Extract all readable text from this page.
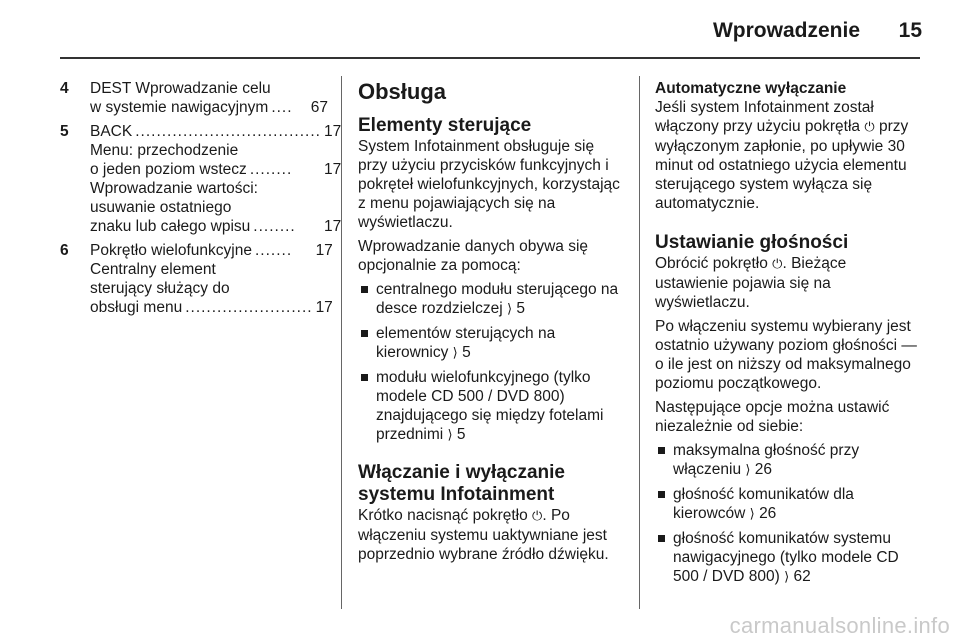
Wprowadzenie	15
4	DEST Wprowadzanie celu
w systemie nawigacyjnym ....	67
5	BACK ................................... 17
Menu: przechodzenie
o jeden poziom wstecz ........	17
Wprowadzanie wartości:
usuwanie ostatniego
znaku lub całego wpisu ........	17
6	Pokrętło wielofunkcyjne .......	17
Centralny element
sterujący służący do
obsługi menu ........................ 17
Obsługa
Elementy sterujące

System Infotainment obsługuje się przy użyciu przycisków funkcyjnych i pokręteł wielofunkcyjnych, korzystając z menu pojawiających się na wyświetlaczu.

Wprowadzanie danych obywa się opcjonalnie za pomocą:

centralnego modułu sterującego na desce rozdzielczej ⟩ 5
elementów sterujących na kierownicy ⟩ 5
modułu wielofunkcyjnego (tylko modele CD 500 / DVD 800) znajdującego się między fotelami przednimi ⟩ 5
Włączanie i wyłączanie systemu Infotainment

Krótko nacisnąć pokrętło ⏻. Po włączeniu systemu uaktywniane jest poprzednio wybrane źródło dźwięku.

Automatyczne wyłączanie

Jeśli system Infotainment został włączony przy użyciu pokrętła ⏻ przy wyłączonym zapłonie, po upływie 30 minut od ostatniego użycia elementu sterującego system wyłącza się automatycznie.

Ustawianie głośności

Obrócić pokrętło ⏻. Bieżące ustawienie pojawia się na wyświetlaczu.

Po włączeniu systemu wybierany jest ostatnio używany poziom głośności — o ile jest on niższy od maksymalnego poziomu początkowego.

Następujące opcje można ustawić niezależnie od siebie:

maksymalna głośność przy włączeniu ⟩ 26
głośność komunikatów dla kierowców ⟩ 26
głośność komunikatów systemu nawigacyjnego (tylko modele CD 500 / DVD 800) ⟩ 62
carmanualsonline.info
